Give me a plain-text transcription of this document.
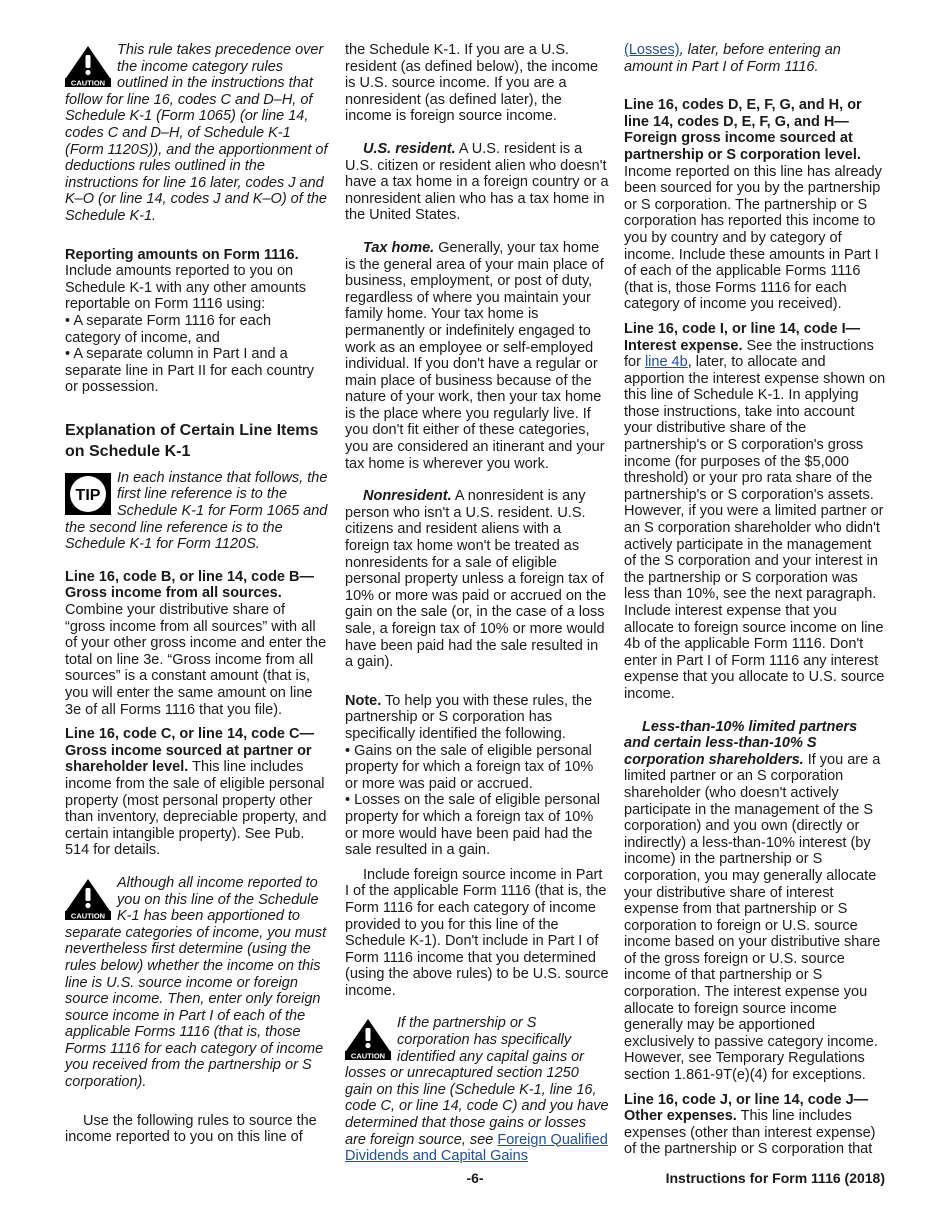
CAUTION
This rule takes precedence over the income category rules outlined in the instructions that follow for line 16, codes C and D–H, of Schedule K-1 (Form 1065) (or line 14, codes C and D–H, of Schedule K-1 (Form 1120S)), and the apportionment of deductions rules outlined in the instructions for line 16 later, codes J and K–O (or line 14, codes J and K–O) of the Schedule K-1.

Reporting amounts on Form 1116. Include amounts reported to you on Schedule K-1 with any other amounts reportable on Form 1116 using:

• A separate Form 1116 for each category of income, and

• A separate column in Part I and a separate line in Part II for each country or possession.

Explanation of Certain Line Items on Schedule K-1

TIP
In each instance that follows, the first line reference is to the Schedule K-1 for Form 1065 and the second line reference is to the Schedule K-1 for Form 1120S.

Line 16, code B, or line 14, code B—Gross income from all sources. Combine your distributive share of “gross income from all sources” with all of your other gross income and enter the total on line 3e. “Gross income from all sources” is a constant amount (that is, you will enter the same amount on line 3e of all Forms 1116 that you file).

Line 16, code C, or line 14, code C—Gross income sourced at partner or shareholder level. This line includes income from the sale of eligible personal property (most personal property other than inventory, depreciable property, and certain intangible property). See Pub. 514 for details.

CAUTION
Although all income reported to you on this line of the Schedule K-1 has been apportioned to separate categories of income, you must nevertheless first determine (using the rules below) whether the income on this line is U.S. source income or foreign source income. Then, enter only foreign source income in Part I of each of the applicable Forms 1116 (that is, those Forms 1116 for each category of income you received from the partnership or S corporation).

Use the following rules to source the income reported to you on this line of

the Schedule K-1. If you are a U.S. resident (as defined below), the income is U.S. source income. If you are a nonresident (as defined later), the income is foreign source income.

U.S. resident. A U.S. resident is a U.S. citizen or resident alien who doesn't have a tax home in a foreign country or a nonresident alien who has a tax home in the United States.

Tax home. Generally, your tax home is the general area of your main place of business, employment, or post of duty, regardless of where you maintain your family home. Your tax home is permanently or indefinitely engaged to work as an employee or self-employed individual. If you don't have a regular or main place of business because of the nature of your work, then your tax home is the place where you regularly live. If you don't fit either of these categories, you are considered an itinerant and your tax home is wherever you work.

Nonresident. A nonresident is any person who isn't a U.S. resident. U.S. citizens and resident aliens with a foreign tax home won't be treated as nonresidents for a sale of eligible personal property unless a foreign tax of 10% or more was paid or accrued on the gain on the sale (or, in the case of a loss sale, a foreign tax of 10% or more would have been paid had the sale resulted in a gain).

Note. To help you with these rules, the partnership or S corporation has specifically identified the following.

• Gains on the sale of eligible personal property for which a foreign tax of 10% or more was paid or accrued.

• Losses on the sale of eligible personal property for which a foreign tax of 10% or more would have been paid had the sale resulted in a gain.

Include foreign source income in Part I of the applicable Form 1116 (that is, the Form 1116 for each category of income provided to you for this line of the Schedule K-1). Don't include in Part I of Form 1116 income that you determined (using the above rules) to be U.S. source income.

CAUTION
If the partnership or S corporation has specifically identified any capital gains or losses or unrecaptured section 1250 gain on this line (Schedule K-1, line 16, code C, or line 14, code C) and you have determined that those gains or losses are foreign source, see Foreign Qualified Dividends and Capital Gains

(Losses), later, before entering an amount in Part I of Form 1116.

Line 16, codes D, E, F, G, and H, or line 14, codes D, E, F, G, and H—Foreign gross income sourced at partnership or S corporation level. Income reported on this line has already been sourced for you by the partnership or S corporation. The partnership or S corporation has reported this income to you by country and by category of income. Include these amounts in Part I of each of the applicable Forms 1116 (that is, those Forms 1116 for each category of income you received).

Line 16, code I, or line 14, code I—Interest expense. See the instructions for line 4b, later, to allocate and apportion the interest expense shown on this line of Schedule K-1. In applying those instructions, take into account your distributive share of the partnership's or S corporation's gross income (for purposes of the $5,000 threshold) or your pro rata share of the partnership's or S corporation's assets. However, if you were a limited partner or an S corporation shareholder who didn't actively participate in the management of the S corporation and your interest in the partnership or S corporation was less than 10%, see the next paragraph. Include interest expense that you allocate to foreign source income on line 4b of the applicable Form 1116. Don't enter in Part I of Form 1116 any interest expense that you allocate to U.S. source income.

Less-than-10% limited partners and certain less-than-10% S corporation shareholders. If you are a limited partner or an S corporation shareholder (who doesn't actively participate in the management of the S corporation) and you own (directly or indirectly) a less-than-10% interest (by income) in the partnership or S corporation, you may generally allocate your distributive share of interest expense from that partnership or S corporation to foreign or U.S. source income based on your distributive share of the gross foreign or U.S. source income of that partnership or S corporation. The interest expense you allocate to foreign source income generally may be apportioned exclusively to passive category income. However, see Temporary Regulations section 1.861-9T(e)(4) for exceptions.

Line 16, code J, or line 14, code J—Other expenses. This line includes expenses (other than interest expense) of the partnership or S corporation that

-6-	Instructions for Form 1116 (2018)
